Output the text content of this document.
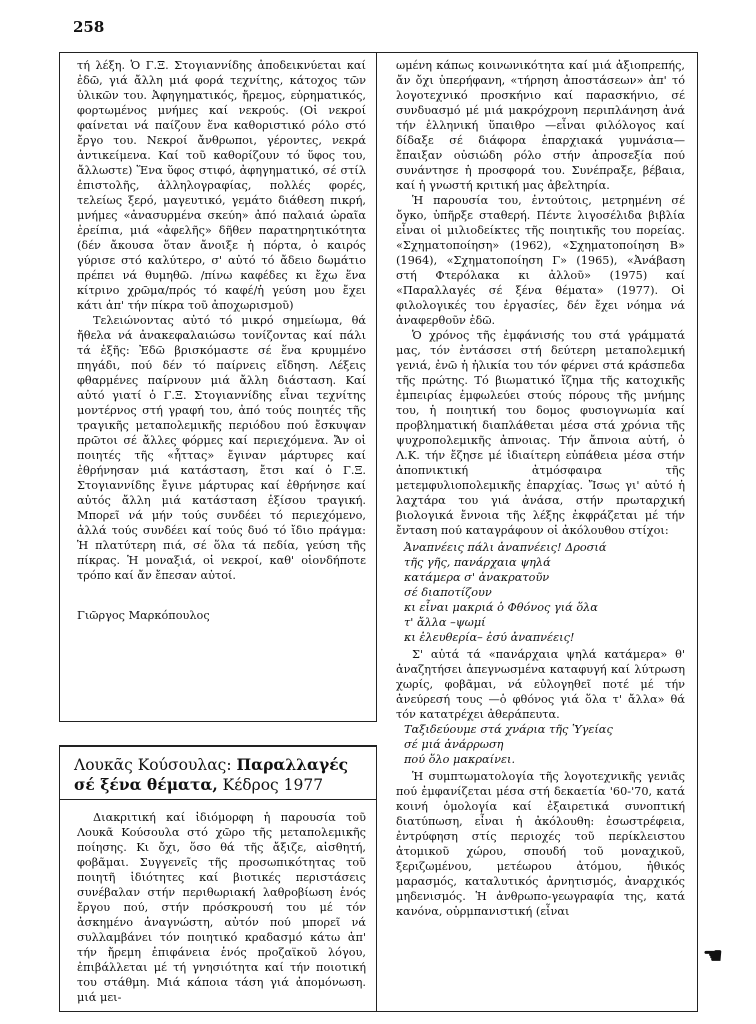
258

τή λέξη. Ὁ Γ.Ξ. Στογιαννίδης ἀποδεικνύεται καί ἐδῶ, γιά ἄλλη μιά φορά τεχνίτης, κάτοχος τῶν ὑλικῶν του. Ἀφηγηματικός, ἤρεμος, εὐρηματικός, φορτωμένος μνήμες καί νεκρούς. (Οἱ νεκροί φαίνεται νά παίζουν ἕνα καθοριστικό ρόλο στό ἔργο του. Νεκροί ἄνθρωποι, γέροντες, νεκρά ἀντικείμενα. Καί τοῦ καθορίζουν τό ὕφος του, ἄλλωστε) Ἕνα ὕφος στιφό, ἀφηγηματικό, σέ στίλ ἐπιστολῆς, ἀλληλογραφίας, πολλές φορές, τελείως ξερό, μαγευτικό, γεμάτο διάθεση πικρή, μνήμες «ἀνασυρμένα σκεύη» ἀπό παλαιά ὡραῖα ἐρείπια, μιά «ἀφελῆς» δῆθεν παρατηρητικότητα (δέν ἄκουσα ὅταν ἄνοιξε ἡ πόρτα, ὁ καιρός γύρισε στό καλύτερο, σ' αὐτό τό ἄδειο δωμάτιο πρέπει νά θυμηθῶ. /πίνω καφέδες κι ἔχω ἕνα κίτρινο χρῶμα/πρός τό καφέ/ἡ γεύση μου ἔχει κάτι ἀπ' τήν πίκρα τοῦ ἀποχωρισμοῦ)

Τελειώνοντας αὐτό τό μικρό σημείωμα, θά ἤθελα νά ἀνακεφαλαιώσω τονίζοντας καί πάλι τά ἐξῆς: Ἐδῶ βρισκόμαστε σέ ἕνα κρυμμένο πηγάδι, πού δέν τό παίρνεις εἴδηση. Λέξεις φθαρμένες παίρνουν μιά ἄλλη διάσταση. Καί αὐτό γιατί ὁ Γ.Ξ. Στογιαννίδης εἶναι τεχνίτης μοντέρνος στή γραφή του, ἀπό τούς ποιητές τῆς τραγικῆς μεταπολεμικῆς περιόδου πού ἔσκυψαν πρῶτοι σέ ἄλλες φόρμες καί περιεχόμενα. Ἄν οἱ ποιητές τῆς «ἧττας» ἔγιναν μάρτυρες καί ἐθρήνησαν μιά κατάσταση, ἔτσι καί ὁ Γ.Ξ. Στογιαννίδης ἔγινε μάρτυρας καί ἐθρήνησε καί αὐτός ἄλλη μιά κατάσταση ἐξίσου τραγική. Μπορεῖ νά μήν τούς συνδέει τό περιεχόμενο, ἀλλά τούς συνδέει καί τούς δυό τό ἴδιο πράγμα: Ἡ πλατύτερη πιά, σέ ὅλα τά πεδία, γεύση τῆς πίκρας. Ἡ μοναξιά, οἱ νεκροί, καθ' οἱονδήποτε τρόπο καί ἄν ἔπεσαν αὐτοί.

Γιῶργος Μαρκόπουλος
Λουκᾶς Κούσουλας: Παραλλαγές
σέ ξένα θέματα, Κέδρος 1977

Διακριτική καί ἰδιόμορφη ἡ παρουσία τοῦ Λουκᾶ Κούσουλα στό χῶρο τῆς μεταπολεμικῆς ποίησης. Κι ὄχι, ὅσο θά τῆς ἄξιζε, αἰσθητή, φοβᾶμαι. Συγγενεῖς τῆς προσωπικότητας τοῦ ποιητῆ ἰδιότητες καί βιοτικές περιστάσεις συνέβαλαν στήν περιθωριακή λαθροβίωση ἑνός ἔργου πού, στήν πρόσκρουσή του μέ τόν ἀσκημένο ἀναγνώστη, αὐτόν πού μπορεῖ νά συλλαμβάνει τόν ποιητικό κραδασμό κάτω ἀπ' τήν ἤρεμη ἐπιφάνεια ἑνός προζαϊκοῦ λόγου, ἐπιβάλλεται μέ τή γνησιότητα καί τήν ποιοτική του στάθμη. Μιά κάποια τάση γιά ἀπομόνωση. μιά μει-

ωμένη κάπως κοινωνικότητα καί μιά ἀξιοπρεπής, ἄν ὄχι ὑπερήφανη, «τήρηση ἀποστάσεων» ἀπ' τό λογοτεχνικό προσκήνιο καί παρασκήνιο, σέ συνδυασμό μέ μιά μακρόχρονη περιπλάνηση ἀνά τήν ἑλληνική ὕπαιθρο —εἶναι φιλόλογος καί δίδαξε σέ διάφορα ἐπαρχιακά γυμνάσια— ἔπαιξαν οὐσιώδη ρόλο στήν ἀπροσεξία πού συνάντησε ἡ προσφορά του. Συνέπραξε, βέβαια, καί ἡ γνωστή κριτική μας ἀβελτηρία.

Ἡ παρουσία του, ἐντούτοις, μετρημένη σέ ὄγκο, ὑπῆρξε σταθερή. Πέντε λιγοσέλιδα βιβλία εἶναι οἱ μιλιοδείκτες τῆς ποιητικῆς του πορείας. «Σχηματοποίηση» (1962), «Σχηματοποίηση Β» (1964), «Σχηματοποίηση Γ» (1965), «Ἀνάβαση στή Φτερόλακα κι ἀλλοῦ» (1975) καί «Παραλλαγές σέ ξένα θέματα» (1977). Οἱ φιλολογικές του ἐργασίες, δέν ἔχει νόημα νά ἀναφερθοῦν ἐδῶ.

Ὁ χρόνος τῆς ἐμφάνισής του στά γράμματά μας, τόν ἐντάσσει στή δεύτερη μεταπολεμική γενιά, ἐνῶ ἡ ἡλικία του τόν φέρνει στά κράσπεδα τῆς πρώτης. Τό βιωματικό ἴζημα τῆς κατοχικῆς ἐμπειρίας ἐμφωλεύει στούς πόρους τῆς μνήμης του, ἡ ποιητική του δομος φυσιογνωμία καί προβληματική διαπλάθεται μέσα στά χρόνια τῆς ψυχροπολεμικῆς ἀπνοιας. Τήν ἄπνοια αὐτή, ὁ Λ.Κ. τήν ἔζησε μέ ἰδιαίτερη εὐπάθεια μέσα στήν ἀποπνικτική ἀτμόσφαιρα τῆς μετεμφυλιοπολεμικῆς ἐπαρχίας. Ἴσως γι' αὐτό ἡ λαχτάρα του γιά ἀνάσα, στήν πρωταρχική βιολογικά ἔννοια τῆς λέξης ἐκφράζεται μέ τήν ἔνταση πού καταγράφουν οἱ ἀκόλουθου στίχοι:

Ἀναπνέεις πάλι ἀναπνέεις! Δροσιά
τῆς γῆς, πανάρχαια ψηλά
κατάμερα σ' ἀνακρατοῦν
σέ διαποτίζουν
κι εἶναι μακριά ὁ Φθόνος γιά ὅλα
τ' ἄλλα –ψωμί
κι ἐλευθερία– ἐσύ ἀναπνέεις!

Σ' αὐτά τά «πανάρχαια ψηλά κατάμερα» θ' ἀναζητήσει ἀπεγνωσμένα καταφυγή καί λύτρωση χωρίς, φοβᾶμαι, νά εὐλογηθεῖ ποτέ μέ τήν ἀνεύρεσή τους —ὁ φθόνος γιά ὅλα τ' ἄλλα» θά τόν κατατρέχει ἀθεράπευτα.

Ταξιδεύουμε στά χνάρια τῆς Ὑγείας
σέ μιά ἀνάρρωση
πού ὅλο μακραίνει.

Ἡ συμπτωματολογία τῆς λογοτεχνικῆς γενιᾶς πού ἐμφανίζεται μέσα στή δεκαετία '60-'70, κατά κοινή ὁμολογία καί ἐξαιρετικά συνοπτική διατύπωση, εἶναι ἡ ἀκόλουθη: ἐσωστρέφεια, ἐντρύφηση στίς περιοχές τοῦ περίκλειστου ἀτομικοῦ χώρου, σπουδή τοῦ μοναχικοῦ, ξεριζωμένου, μετέωρου ἀτόμου, ἠθικός μαρασμός, καταλυτικός ἀρνητισμός, ἀναρχικός μηδενισμός. Ἡ ἀνθρωπο-γεωγραφία της, κατά κανόνα, οὑρμπανιστική (εἶναι

☚
